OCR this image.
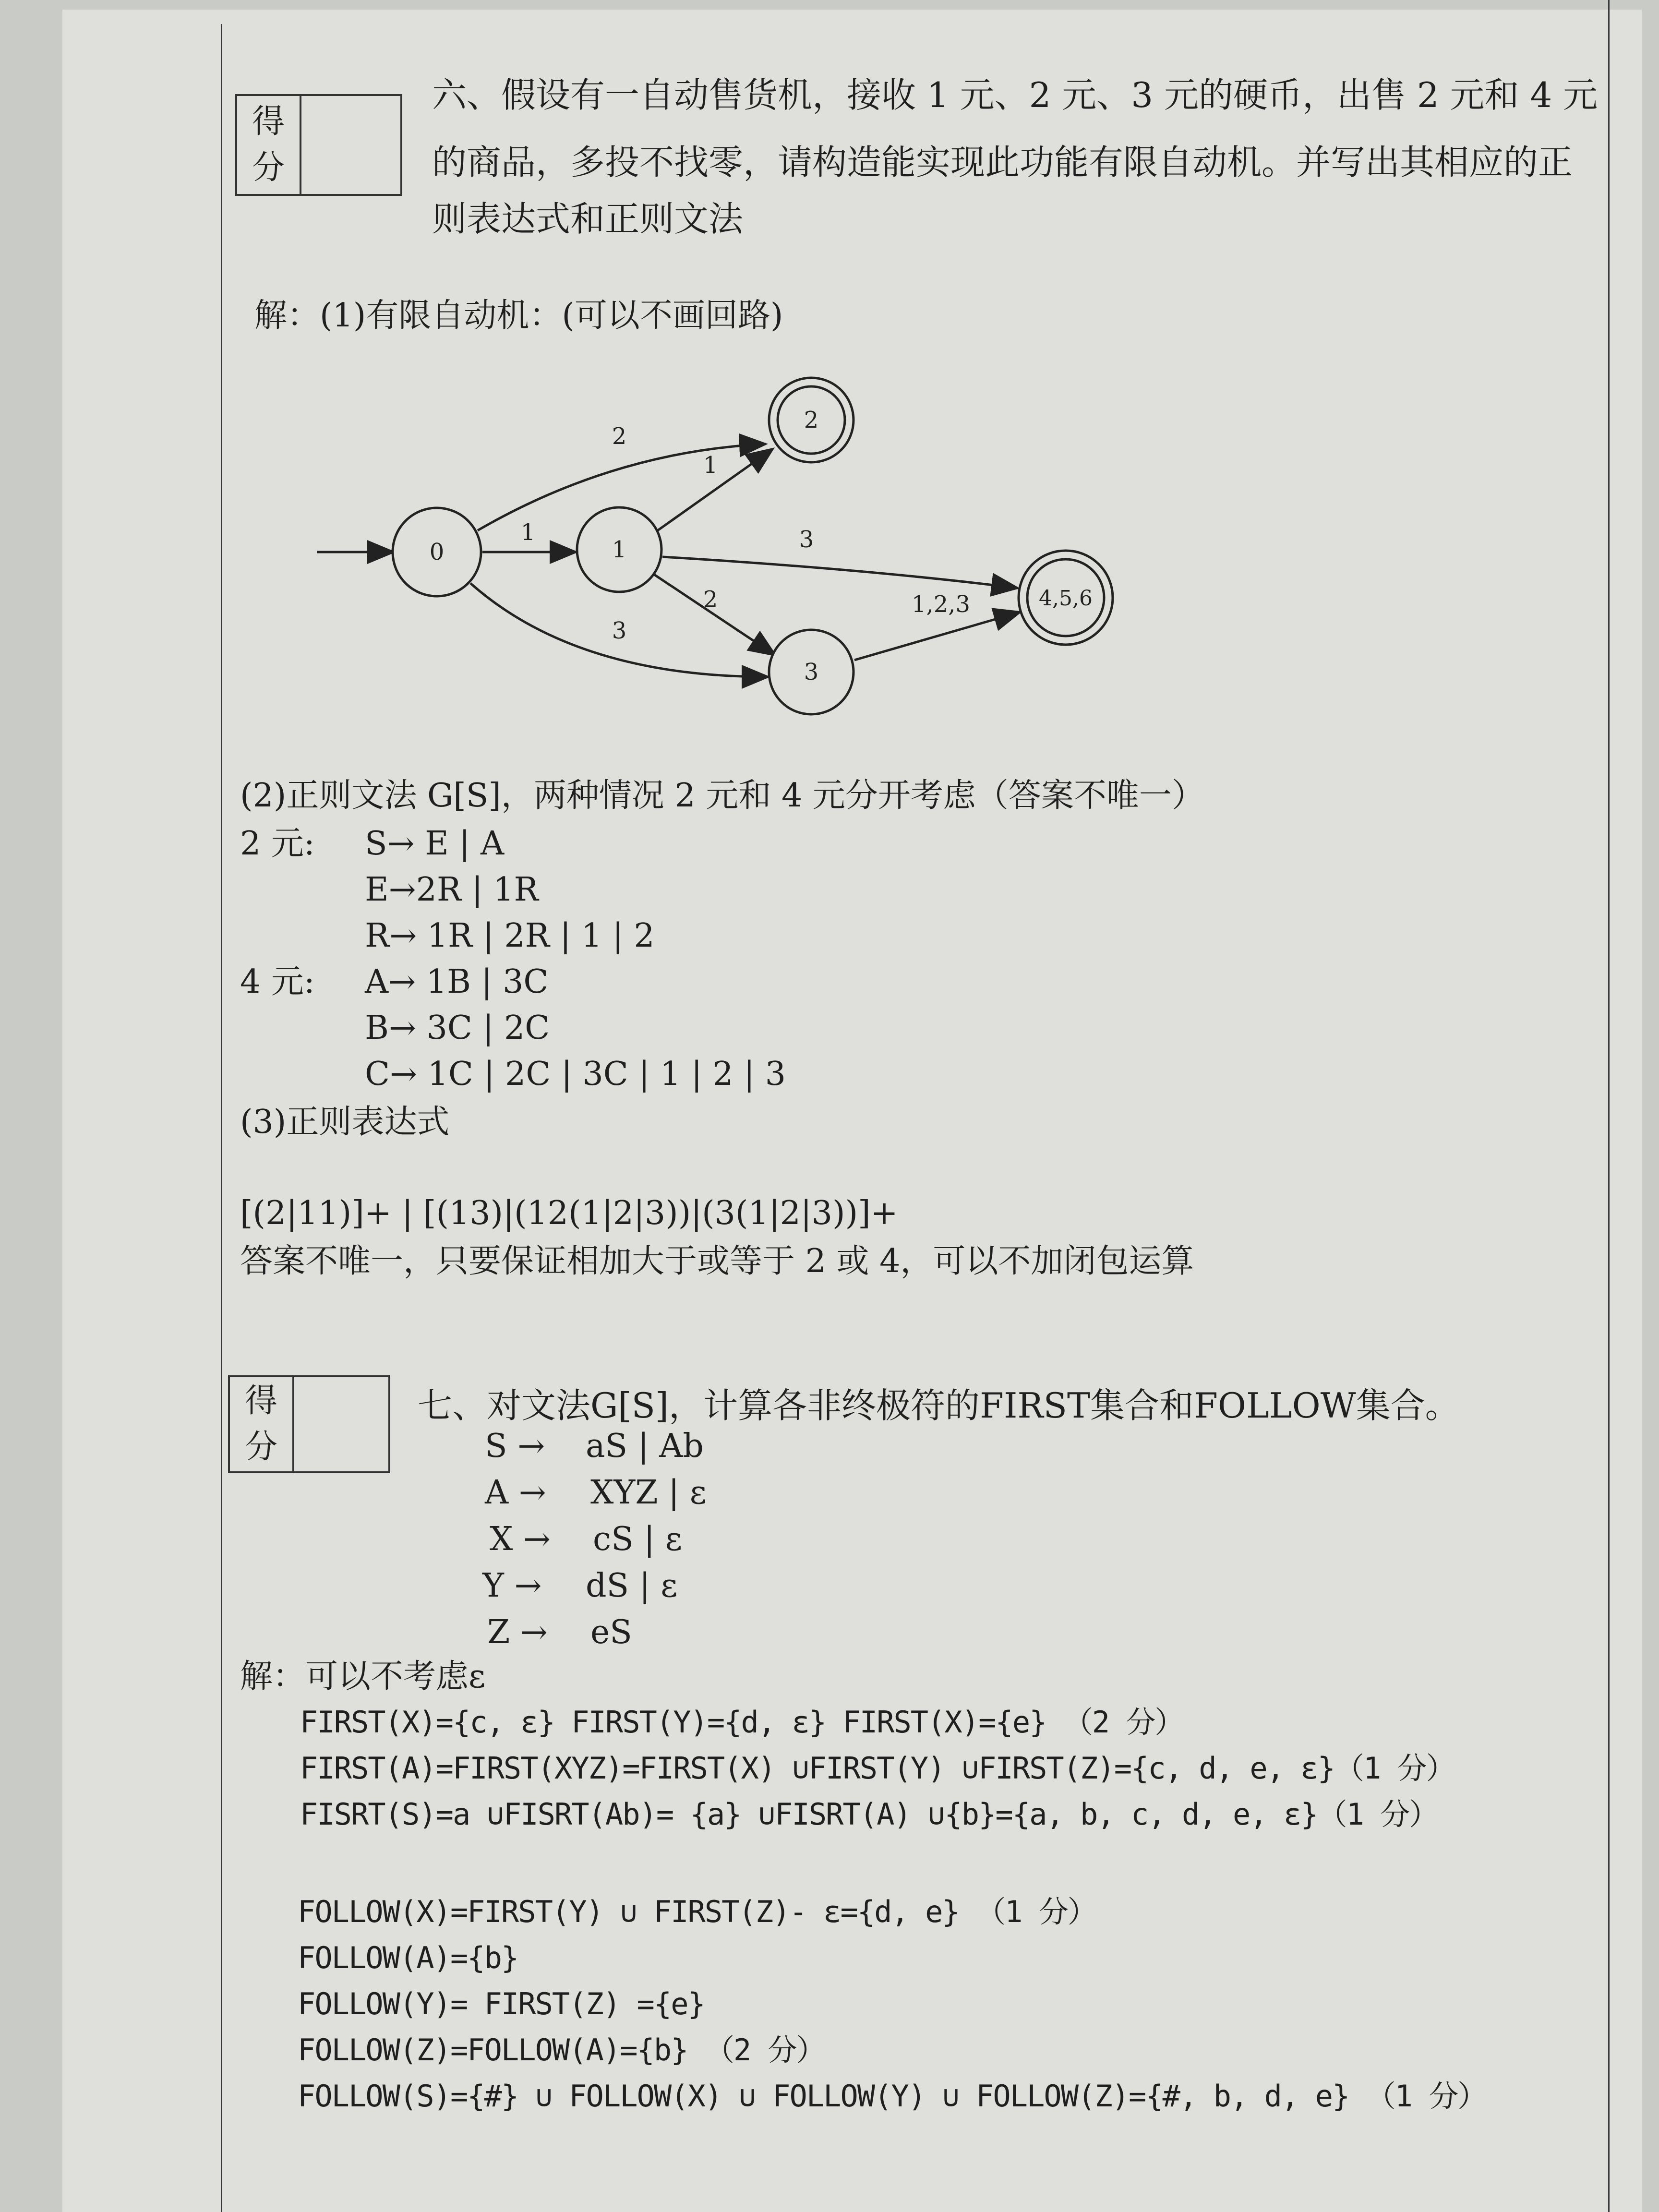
得
分
六、假设有一自动售货机，接收 1 元、2 元、3 元的硬币，出售 2 元和 4 元
的商品，多投不找零，请构造能实现此功能有限自动机。并写出其相应的正
则表达式和正则文法
解：(1)有限自动机：(可以不画回路)
0	1
2
3
4,5,6
2
1
3
1
3
2	1,2,3
(2)正则文法 G[S]，两种情况 2 元和 4 元分开考虑（答案不唯一）
2 元: S→ E | A
E→2R | 1R
R→ 1R | 2R | 1 | 2
4 元: A→ 1B | 3C
B→ 3C | 2C
C→ 1C | 2C | 3C | 1 | 2 | 3
(3)正则表达式
[(2|11)]+ | [(13)|(12(1|2|3))|(3(1|2|3))]+
答案不唯一，只要保证相加大于或等于 2 或 4，可以不加闭包运算
得
分
七、对文法G[S]，计算各非终极符的FIRST集合和FOLLOW集合。
S → aS | Ab
A → XYZ | ε
X → cS | ε
Y → dS | ε
Z → eS
解：可以不考虑ε
FIRST(X)={c, ε} FIRST(Y)={d, ε} FIRST(X)={e} （2 分）
FIRST(A)=FIRST(XYZ)=FIRST(X) ∪FIRST(Y) ∪FIRST(Z)={c, d, e, ε}（1 分）
FISRT(S)=a ∪FISRT(Ab)= {a} ∪FISRT(A) ∪{b}={a, b, c, d, e, ε}（1 分）
FOLLOW(X)=FIRST(Y) ∪ FIRST(Z)- ε={d, e} （1 分）
FOLLOW(A)={b}
FOLLOW(Y)= FIRST(Z) ={e}
FOLLOW(Z)=FOLLOW(A)={b} （2 分）
FOLLOW(S)={#} ∪ FOLLOW(X) ∪ FOLLOW(Y) ∪ FOLLOW(Z)={#, b, d, e} （1 分）
